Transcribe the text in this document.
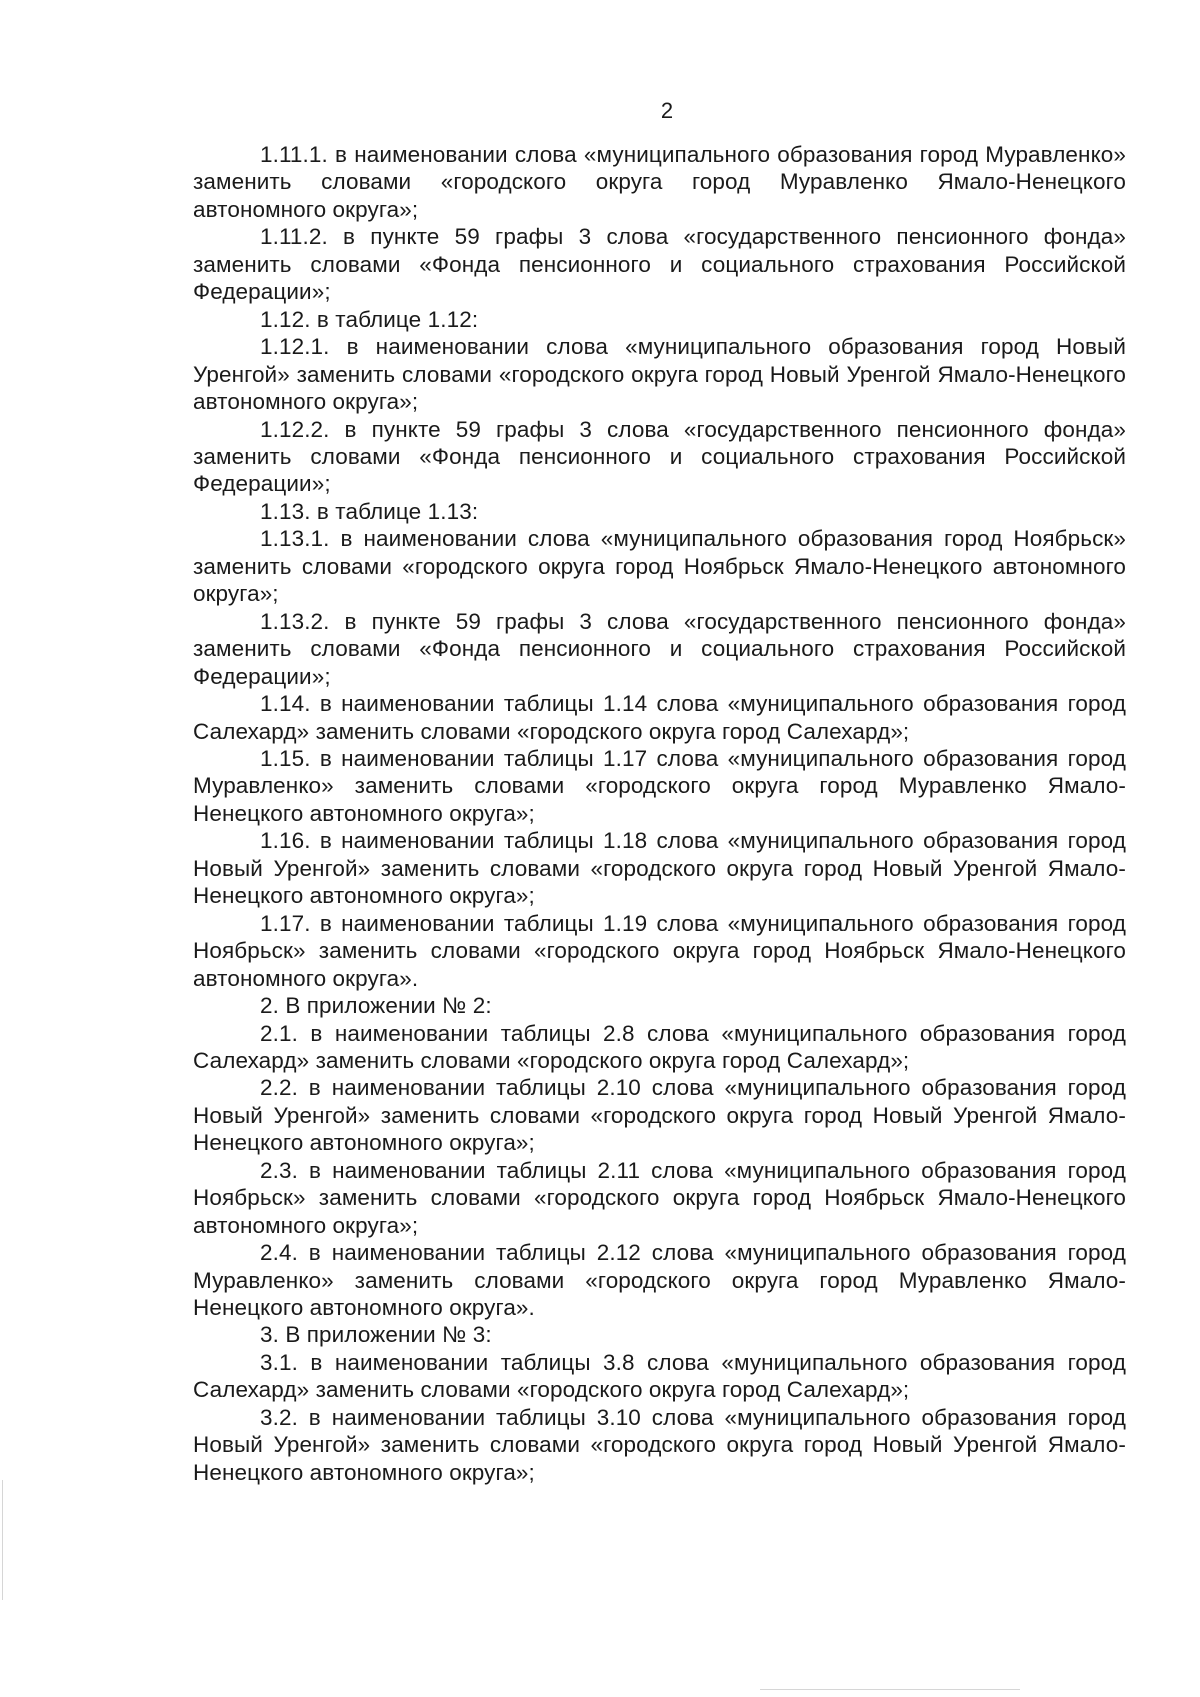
2

1.11.1. в наименовании слова «муниципального образования город Муравленко» заменить словами «городского округа город Муравленко Ямало-Ненецкого автономного округа»;

1.11.2. в пункте 59 графы 3 слова «государственного пенсионного фонда» заменить словами «Фонда пенсионного и социального страхования Российской Федерации»;

1.12. в таблице 1.12:

1.12.1. в наименовании слова «муниципального образования город Новый Уренгой» заменить словами «городского округа город Новый Уренгой Ямало-Ненецкого автономного округа»;

1.12.2. в пункте 59 графы 3 слова «государственного пенсионного фонда» заменить словами «Фонда пенсионного и социального страхования Российской Федерации»;

1.13. в таблице 1.13:

1.13.1. в наименовании слова «муниципального образования город Ноябрьск» заменить словами «городского округа город Ноябрьск Ямало-Ненецкого автономного округа»;

1.13.2. в пункте 59 графы 3 слова «государственного пенсионного фонда» заменить словами «Фонда пенсионного и социального страхования Российской Федерации»;

1.14. в наименовании таблицы 1.14 слова «муниципального образования город Салехард» заменить словами «городского округа город Салехард»;

1.15. в наименовании таблицы 1.17 слова «муниципального образования город Муравленко» заменить словами «городского округа город Муравленко Ямало-Ненецкого автономного округа»;

1.16. в наименовании таблицы 1.18 слова «муниципального образования город Новый Уренгой» заменить словами «городского округа город Новый Уренгой Ямало-Ненецкого автономного округа»;

1.17. в наименовании таблицы 1.19 слова «муниципального образования город Ноябрьск» заменить словами «городского округа город Ноябрьск Ямало-Ненецкого автономного округа».

2. В приложении № 2:

2.1. в наименовании таблицы 2.8 слова «муниципального образования город Салехард» заменить словами «городского округа город Салехард»;

2.2. в наименовании таблицы 2.10 слова «муниципального образования город Новый Уренгой» заменить словами «городского округа город Новый Уренгой Ямало-Ненецкого автономного округа»;

2.3. в наименовании таблицы 2.11 слова «муниципального образования город Ноябрьск» заменить словами «городского округа город Ноябрьск Ямало-Ненецкого автономного округа»;

2.4. в наименовании таблицы 2.12 слова «муниципального образования город Муравленко» заменить словами «городского округа город Муравленко Ямало-Ненецкого автономного округа».

3. В приложении № 3:

3.1. в наименовании таблицы 3.8 слова «муниципального образования город Салехард» заменить словами «городского округа город Салехард»;

3.2. в наименовании таблицы 3.10 слова «муниципального образования город Новый Уренгой» заменить словами «городского округа город Новый Уренгой Ямало-Ненецкого автономного округа»;
